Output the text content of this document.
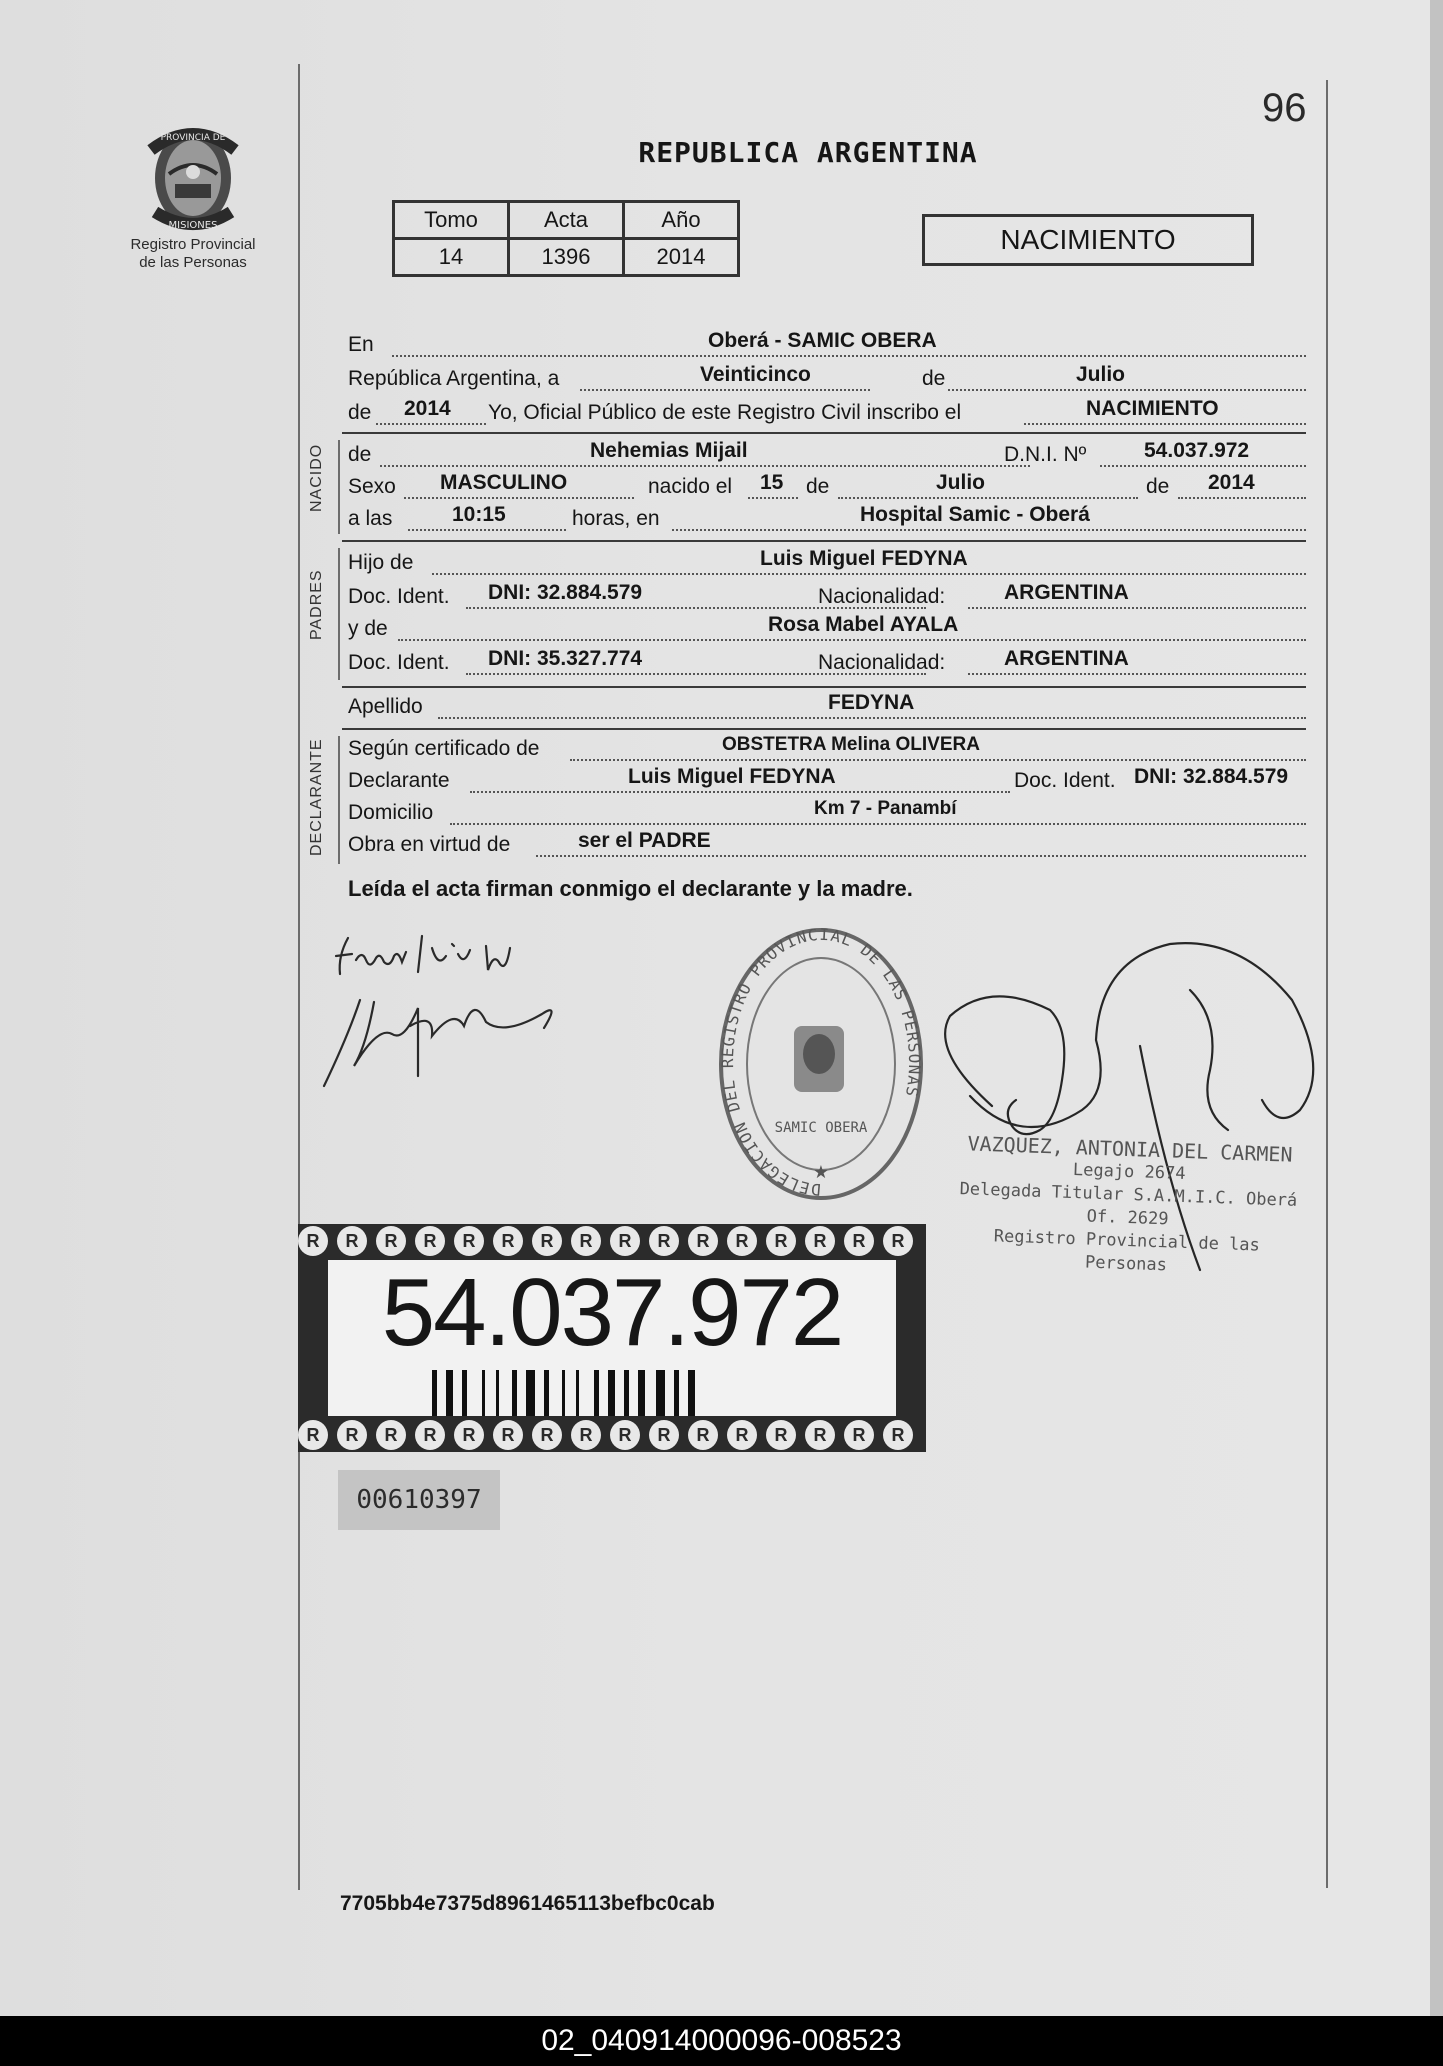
96
PROVINCIA DE
MISIONES
Registro Provincial
de las Personas
REPUBLICA ARGENTINA
Tomo	Acta	Año
14	1396	2014
NACIMIENTO
En	Oberá - SAMIC OBERA
República Argentina, a	Veinticinco	de	Julio
de 2014 Yo, Oficial Público de este Registro Civil inscribo el	NACIMIENTO
NACIDO de	Nehemias Mijail	D.N.I. Nº	54.037.972
Sexo MASCULINO	nacido el 15 de	Julio	de 2014
a las	10:15	horas, en	Hospital Samic - Oberá
PADRES
Hijo de	Luis Miguel FEDYNA
Doc. Ident. DNI: 32.884.579	Nacionalidad:	ARGENTINA
y de	Rosa Mabel AYALA
Doc. Ident. DNI: 35.327.774	Nacionalidad:	ARGENTINA
Apellido	FEDYNA
DECLARANTE Según certificado de	OBSTETRA Melina OLIVERA
Declarante	Luis Miguel FEDYNA	Doc. Ident. DNI: 32.884.579
Domicilio	Km 7 - Panambí
Obra en virtud de	ser el PADRE
Leída el acta firman conmigo el declarante y la madre.
DELEGACION DEL REGISTRO PROVINCIAL DE LAS PERSONAS
SAMIC OBERA
★
VAZQUEZ, ANTONIA DEL CARMEN
Legajo 2674
Delegada Titular S.A.M.I.C. Oberá Of. 2629
Registro Provincial de las Personas
R	R	R	R	R	R	R	R	R	R	R	R	R	R	R	R
R	R	R	R	R	R	R	R	R	R	R	R	R	R	R	R
54.037.972
00610397
7705bb4e7375d8961465113befbc0cab
02_040914000096-008523
